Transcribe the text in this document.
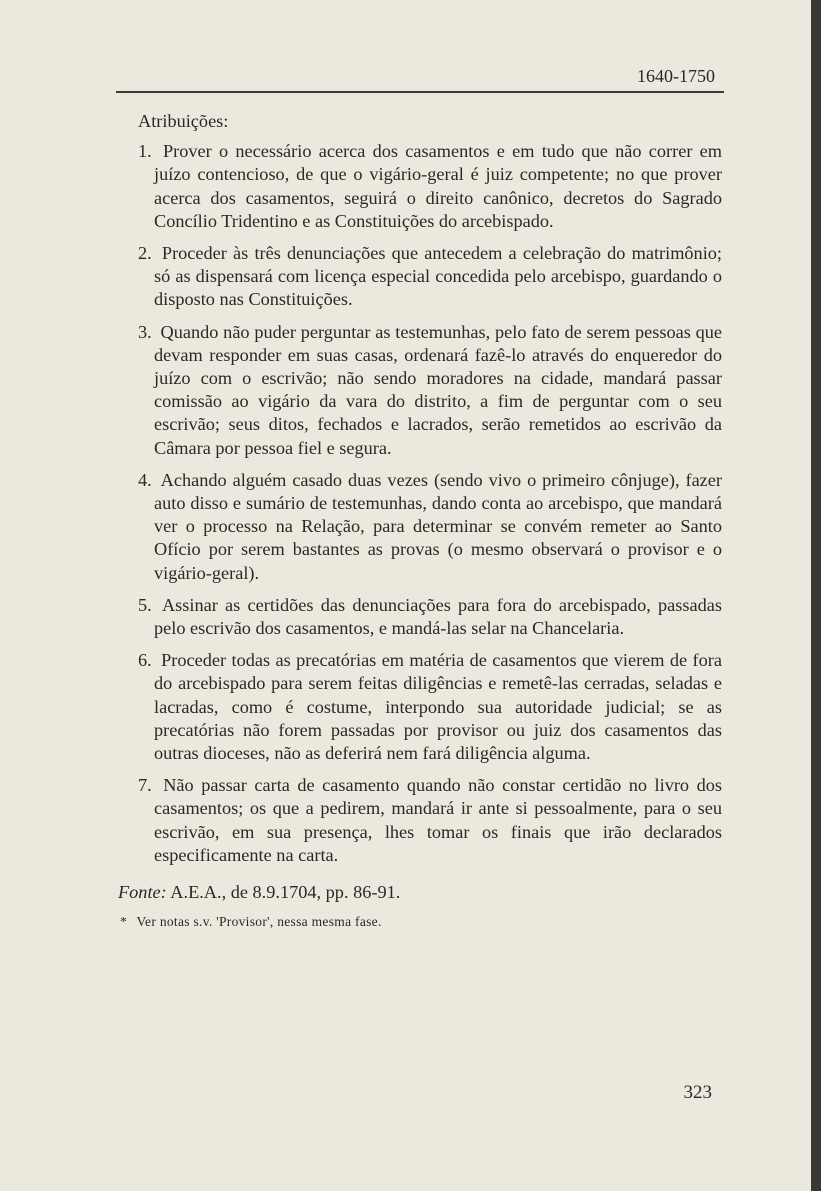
1640-1750
Atribuições:
1. Prover o necessário acerca dos casamentos e em tudo que não correr em juízo contencioso, de que o vigário-geral é juiz competente; no que prover acerca dos casamentos, seguirá o direito canônico, decretos do Sagrado Concílio Tridentino e as Constituições do arcebispado.
2. Proceder às três denunciações que antecedem a celebração do matrimônio; só as dispensará com licença especial concedida pelo arcebispo, guardando o disposto nas Constituições.
3. Quando não puder perguntar as testemunhas, pelo fato de serem pessoas que devam responder em suas casas, ordenará fazê-lo através do enqueredor do juízo com o escrivão; não sendo moradores na cidade, mandará passar comissão ao vigário da vara do distrito, a fim de perguntar com o seu escrivão; seus ditos, fechados e lacrados, serão remetidos ao escrivão da Câmara por pessoa fiel e segura.
4. Achando alguém casado duas vezes (sendo vivo o primeiro cônjuge), fazer auto disso e sumário de testemunhas, dando conta ao arcebispo, que mandará ver o processo na Relação, para determinar se convém remeter ao Santo Ofício por serem bastantes as provas (o mesmo observará o provisor e o vigário-geral).
5. Assinar as certidões das denunciações para fora do arcebispado, passadas pelo escrivão dos casamentos, e mandá-las selar na Chancelaria.
6. Proceder todas as precatórias em matéria de casamentos que vierem de fora do arcebispado para serem feitas diligências e remetê-las cerradas, seladas e lacradas, como é costume, interpondo sua autoridade judicial; se as precatórias não forem passadas por provisor ou juiz dos casamentos das outras dioceses, não as deferirá nem fará diligência alguma.
7. Não passar carta de casamento quando não constar certidão no livro dos casamentos; os que a pedirem, mandará ir ante si pessoalmente, para o seu escrivão, em sua presença, lhes tomar os finais que irão declarados especificamente na carta.
Fonte: A.E.A., de 8.9.1704, pp. 86-91.
* Ver notas s.v. 'Provisor', nessa mesma fase.
323
